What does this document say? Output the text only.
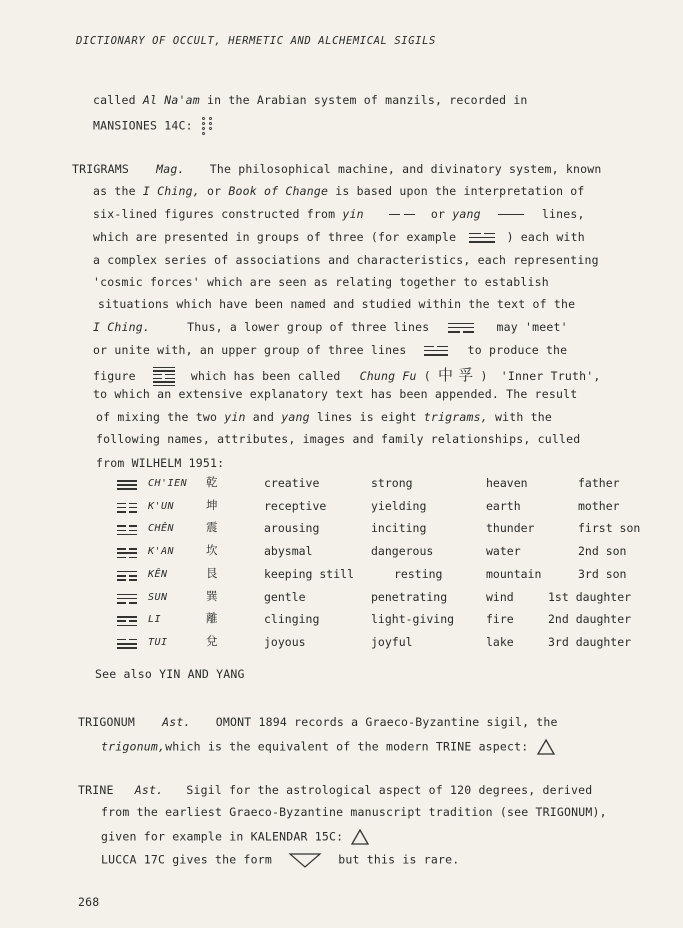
DICTIONARY OF OCCULT, HERMETIC AND ALCHEMICAL SIGILS
called Al Na'am in the Arabian system of manzils, recorded in
MANSIONES 14C:
TRIGRAMS Mag. The philosophical machine, and divinatory system, known
as the I Ching, or Book of Change is based upon the interpretation of
six-lined figures constructed from yin	or yang	lines,
which are presented in groups of three (for example	) each with
a complex series of associations and characteristics, each representing
'cosmic forces' which are seen as relating together to establish
situations which have been named and studied within the text of the
I Ching.	Thus, a lower group of three lines	may 'meet'
or unite with, an upper group of three lines	to produce the
figure	which has been called Chung Fu ( 中 孚 ) 'Inner Truth',
to which an extensive explanatory text has been appended. The result
of mixing the two yin and yang lines is eight trigrams, with the
following names, attributes, images and family relationships, culled
from WILHELM 1951:
CH'IEN 乾	creative	strong	heaven	father
K'UN	坤	receptive	yielding	earth	mother
CHÊN	震	arousing	inciting	thunder	first son
K'AN	坎	abysmal	dangerous	water	2nd son
KÊN	艮	keeping still	resting	mountain	3rd son
SUN	巽	gentle	penetrating	wind	1st daughter
LI	離	clinging	light-giving	fire	2nd daughter
TUI	兌	joyous	joyful	lake	3rd daughter
See also YIN AND YANG
TRIGONUM Ast. OMONT 1894 records a Graeco-Byzantine sigil, the
trigonum,which is the equivalent of the modern TRINE aspect:
TRINE Ast. Sigil for the astrological aspect of 120 degrees, derived
from the earliest Graeco-Byzantine manuscript tradition (see TRIGONUM),
given for example in KALENDAR 15C:
LUCCA 17C gives the form	but this is rare.
268
